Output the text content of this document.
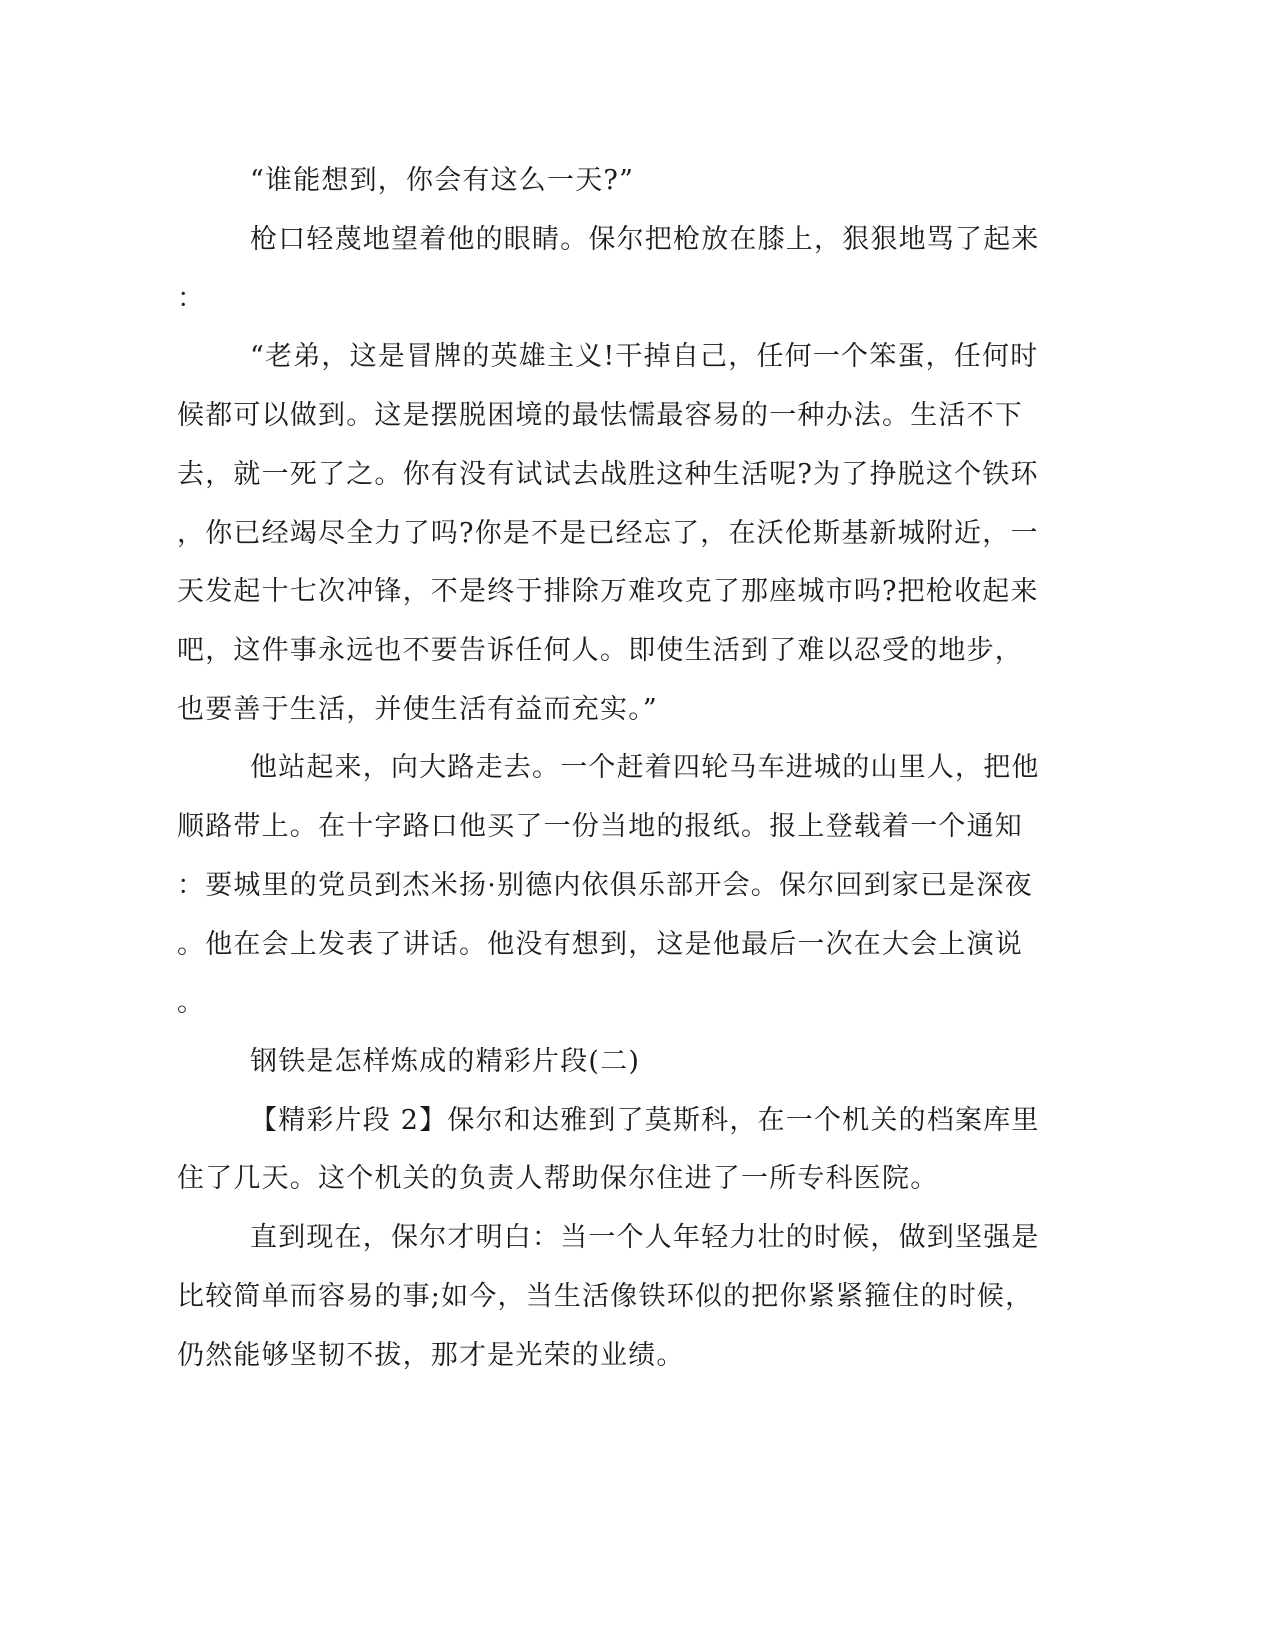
“谁能想到，你会有这么一天?”
枪口轻蔑地望着他的眼睛。保尔把枪放在膝上，狠狠地骂了起来
：
“老弟，这是冒牌的英雄主义!干掉自己，任何一个笨蛋，任何时
候都可以做到。这是摆脱困境的最怯懦最容易的一种办法。生活不下
去，就一死了之。你有没有试试去战胜这种生活呢?为了挣脱这个铁环
，你已经竭尽全力了吗?你是不是已经忘了，在沃伦斯基新城附近，一
天发起十七次冲锋，不是终于排除万难攻克了那座城市吗?把枪收起来
吧，这件事永远也不要告诉任何人。即使生活到了难以忍受的地步，
也要善于生活，并使生活有益而充实。”
他站起来，向大路走去。一个赶着四轮马车进城的山里人，把他
顺路带上。在十字路口他买了一份当地的报纸。报上登载着一个通知
：要城里的党员到杰米扬·别德内依俱乐部开会。保尔回到家已是深夜
。他在会上发表了讲话。他没有想到，这是他最后一次在大会上演说
。
钢铁是怎样炼成的精彩片段(二)
【精彩片段 2】保尔和达雅到了莫斯科，在一个机关的档案库里
住了几天。这个机关的负责人帮助保尔住进了一所专科医院。
直到现在，保尔才明白：当一个人年轻力壮的时候，做到坚强是
比较简单而容易的事;如今，当生活像铁环似的把你紧紧箍住的时候，
仍然能够坚韧不拔，那才是光荣的业绩。
